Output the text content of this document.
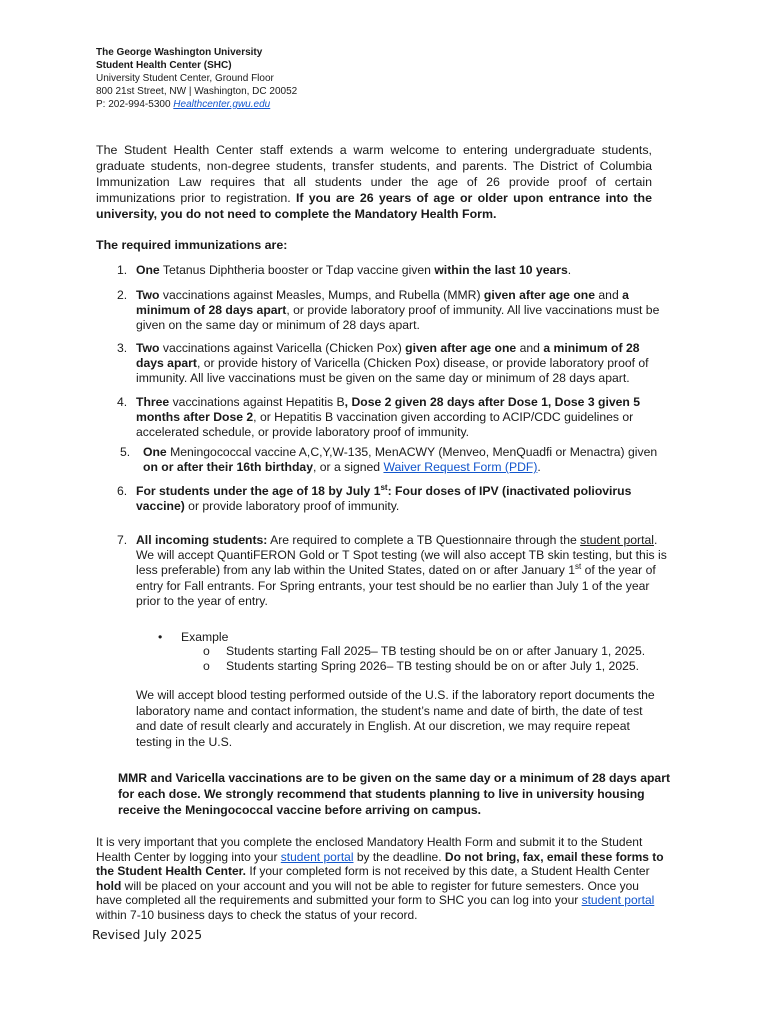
The George Washington University
Student Health Center (SHC)
University Student Center, Ground Floor
800 21st Street, NW | Washington, DC 20052
P: 202-994-5300 Healthcenter.gwu.edu
The Student Health Center staff extends a warm welcome to entering undergraduate students, graduate students, non-degree students, transfer students, and parents. The District of Columbia Immunization Law requires that all students under the age of 26 provide proof of certain immunizations prior to registration. If you are 26 years of age or older upon entrance into the university, you do not need to complete the Mandatory Health Form.
The required immunizations are:
1. One Tetanus Diphtheria booster or Tdap vaccine given within the last 10 years.
2. Two vaccinations against Measles, Mumps, and Rubella (MMR) given after age one and a minimum of 28 days apart, or provide laboratory proof of immunity. All live vaccinations must be given on the same day or minimum of 28 days apart.
3. Two vaccinations against Varicella (Chicken Pox) given after age one and a minimum of 28 days apart, or provide history of Varicella (Chicken Pox) disease, or provide laboratory proof of immunity. All live vaccinations must be given on the same day or minimum of 28 days apart.
4. Three vaccinations against Hepatitis B, Dose 2 given 28 days after Dose 1, Dose 3 given 5 months after Dose 2, or Hepatitis B vaccination given according to ACIP/CDC guidelines or accelerated schedule, or provide laboratory proof of immunity.
5. One Meningococcal vaccine A,C,Y,W-135, MenACWY (Menveo, MenQuadfi or Menactra) given on or after their 16th birthday, or a signed Waiver Request Form (PDF).
6. For students under the age of 18 by July 1st: Four doses of IPV (inactivated poliovirus vaccine) or provide laboratory proof of immunity.
7. All incoming students: Are required to complete a TB Questionnaire through the student portal. We will accept QuantiFERON Gold or T Spot testing (we will also accept TB skin testing, but this is less preferable) from any lab within the United States, dated on or after January 1st of the year of entry for Fall entrants. For Spring entrants, your test should be no earlier than July 1 of the year prior to the year of entry.
• Example
o Students starting Fall 2025– TB testing should be on or after January 1, 2025.
o Students starting Spring 2026– TB testing should be on or after July 1, 2025.
We will accept blood testing performed outside of the U.S. if the laboratory report documents the laboratory name and contact information, the student’s name and date of birth, the date of test and date of result clearly and accurately in English. At our discretion, we may require repeat testing in the U.S.
MMR and Varicella vaccinations are to be given on the same day or a minimum of 28 days apart for each dose. We strongly recommend that students planning to live in university housing receive the Meningococcal vaccine before arriving on campus.
It is very important that you complete the enclosed Mandatory Health Form and submit it to the Student Health Center by logging into your student portal by the deadline. Do not bring, fax, email these forms to the Student Health Center. If your completed form is not received by this date, a Student Health Center hold will be placed on your account and you will not be able to register for future semesters. Once you have completed all the requirements and submitted your form to SHC you can log into your student portal within 7-10 business days to check the status of your record.
Revised July 2025
